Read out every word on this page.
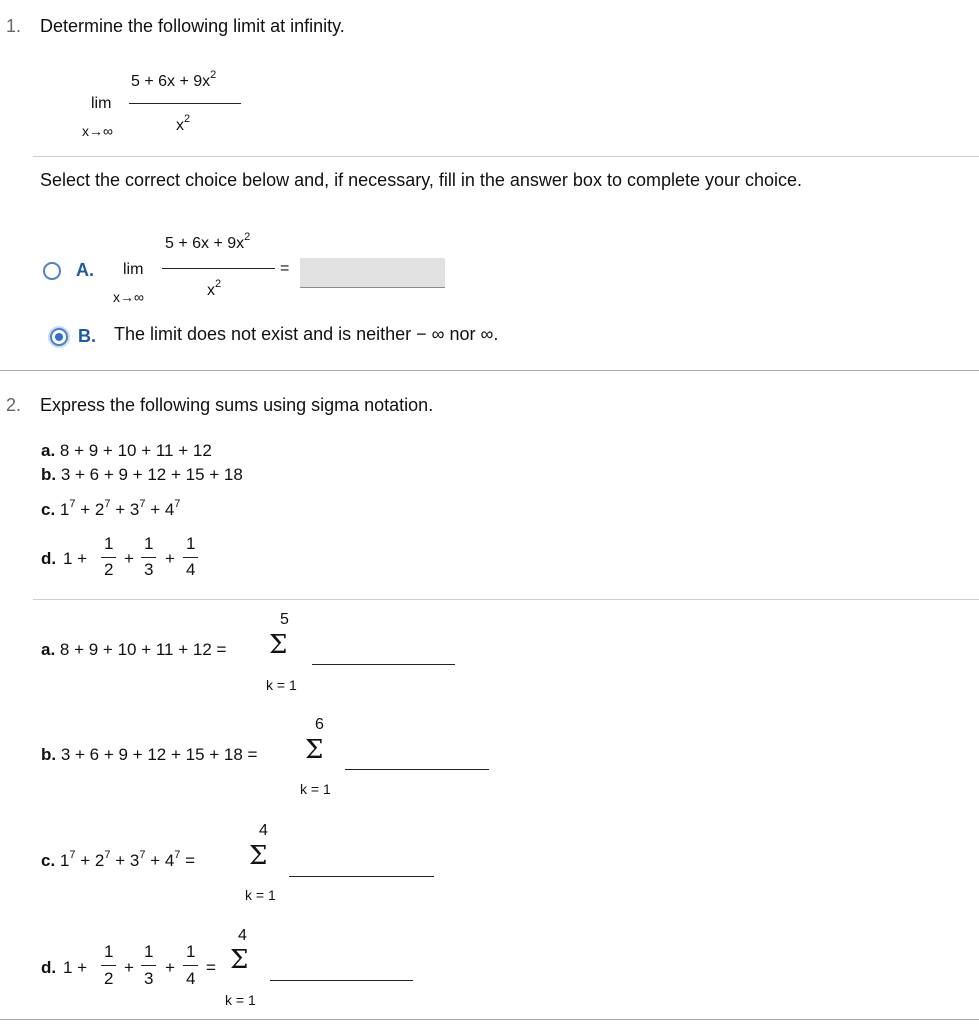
1. Determine the following limit at infinity.
$5 + 6x + 9x^2$
lim
$x^2$
x→∞
Select the correct choice below and, if necessary, fill in the answer box to complete your choice.
A.
$5 + 6x + 9x^2$
lim	=
$x^2$
x→∞
B. The limit does not exist and is neither − ∞ nor ∞.
2. Express the following sums using sigma notation.
a. 8 + 9 + 10 + 11 + 12
b. 3 + 6 + 9 + 12 + 15 + 18
c. $1^7 + 2^7 + 3^7 + 4^7$
d. 1 +
1
2
+
1
3
+
1
4
5
a. 8 + 9 + 10 + 11 + 12 = Σ
k = 1
6
b. 3 + 6 + 9 + 12 + 15 + 18 = Σ
k = 1
4
c. $1^7 + 2^7 + 3^7 + 4^7 = \Sigma$
k = 1
4
d. 1 +
1
2
+
1
3
+
1
4
= Σ
k = 1
